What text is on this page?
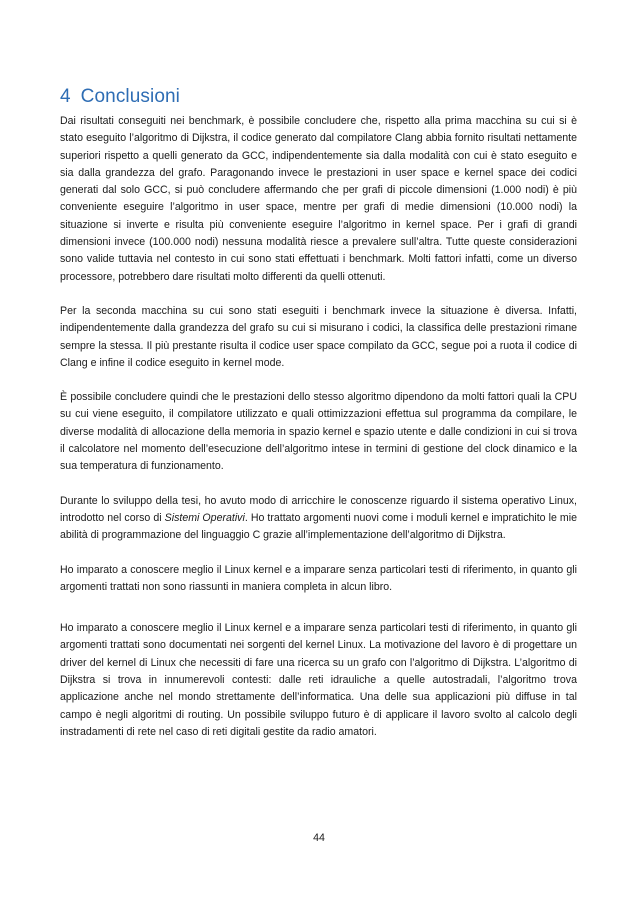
4 Conclusioni

Dai risultati conseguiti nei benchmark, è possibile concludere che, rispetto alla prima macchina su cui si è stato eseguito l’algoritmo di Dijkstra, il codice generato dal compilatore Clang abbia fornito risultati nettamente superiori rispetto a quelli generato da GCC, indipendentemente sia dalla modalità con cui è stato eseguito e sia dalla grandezza del grafo. Paragonando invece le prestazioni in user space e kernel space dei codici generati dal solo GCC, si può concludere affermando che per grafi di piccole dimensioni (1.000 nodi) è più conveniente eseguire l’algoritmo in user space, mentre per grafi di medie dimensioni (10.000 nodi) la situazione si inverte e risulta più conveniente eseguire l’algoritmo in kernel space. Per i grafi di grandi dimensioni invece (100.000 nodi) nessuna modalità riesce a prevalere sull’altra. Tutte queste considerazioni sono valide tuttavia nel contesto in cui sono stati effettuati i benchmark. Molti fattori infatti, come un diverso processore, potrebbero dare risultati molto differenti da quelli ottenuti.

Per la seconda macchina su cui sono stati eseguiti i benchmark invece la situazione è diversa. Infatti, indipendentemente dalla grandezza del grafo su cui si misurano i codici, la classifica delle prestazioni rimane sempre la stessa. Il più prestante risulta il codice user space compilato da GCC, segue poi a ruota il codice di Clang e infine il codice eseguito in kernel mode.

È possibile concludere quindi che le prestazioni dello stesso algoritmo dipendono da molti fattori quali la CPU su cui viene eseguito, il compilatore utilizzato e quali ottimizzazioni effettua sul programma da compilare, le diverse modalità di allocazione della memoria in spazio kernel e spazio utente e dalle condizioni in cui si trova il calcolatore nel momento dell’esecuzione dell’algoritmo intese in termini di gestione del clock dinamico e la sua temperatura di funzionamento.

Durante lo sviluppo della tesi, ho avuto modo di arricchire le conoscenze riguardo il sistema operativo Linux, introdotto nel corso di Sistemi Operativi. Ho trattato argomenti nuovi come i moduli kernel e impratichito le mie abilità di programmazione del linguaggio C grazie all’implementazione dell’algoritmo di Dijkstra.

Ho imparato a conoscere meglio il Linux kernel e a imparare senza particolari testi di riferimento, in quanto gli argomenti trattati non sono riassunti in maniera completa in alcun libro.

Ho imparato a conoscere meglio il Linux kernel e a imparare senza particolari testi di riferimento, in quanto gli argomenti trattati sono documentati nei sorgenti del kernel Linux. La motivazione del lavoro è di progettare un driver del kernel di Linux che necessiti di fare una ricerca su un grafo con l’algoritmo di Dijkstra. L’algoritmo di Dijkstra si trova in innumerevoli contesti: dalle reti idrauliche a quelle autostradali, l’algoritmo trova applicazione anche nel mondo strettamente dell’informatica. Una delle sua applicazioni più diffuse in tal campo è negli algoritmi di routing. Un possibile sviluppo futuro è di applicare il lavoro svolto al calcolo degli instradamenti di rete nel caso di reti digitali gestite da radio amatori.

44
